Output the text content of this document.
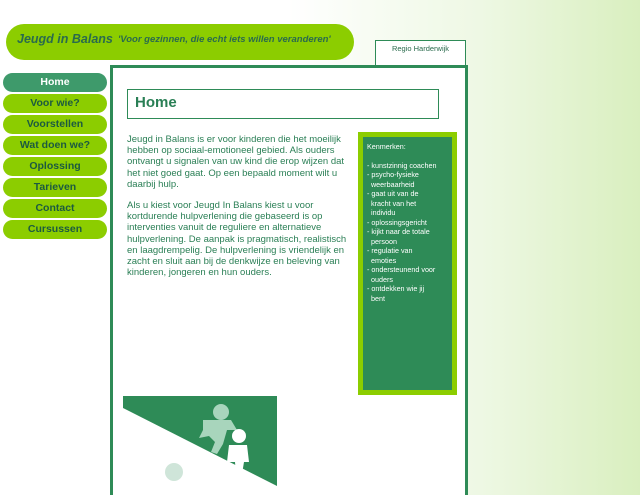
Jeugd in Balans 'Voor gezinnen, die echt iets willen veranderen'
Regio Harderwijk
Home
Voor wie?
Voorstellen
Wat doen we?
Oplossing
Tarieven
Contact
Cursussen
Home

Jeugd in Balans is er voor kinderen die het moeilijk hebben op sociaal-emotioneel gebied. Als ouders ontvangt u signalen van uw kind die erop wijzen dat het niet goed gaat. Op een bepaald moment wilt u daarbij hulp.

Als u kiest voor Jeugd In Balans kiest u voor kortdurende hulpverlening die gebaseerd is op interventies vanuit de reguliere en alternatieve hulpverlening. De aanpak is pragmatisch, realistisch en laagdrempelig. De hulpverlening is vriendelijk en zacht en sluit aan bij de denkwijze en beleving van kinderen, jongeren en hun ouders.

Kenmerken:
- kunstzinnig coachen
- psycho-fysieke
weerbaarheid
- gaat uit van de
kracht van het
individu
- oplossingsgericht
- kijkt naar de totale
persoon
- regulatie van
emoties
- ondersteunend voor
ouders
- ontdekken wie jij
bent
